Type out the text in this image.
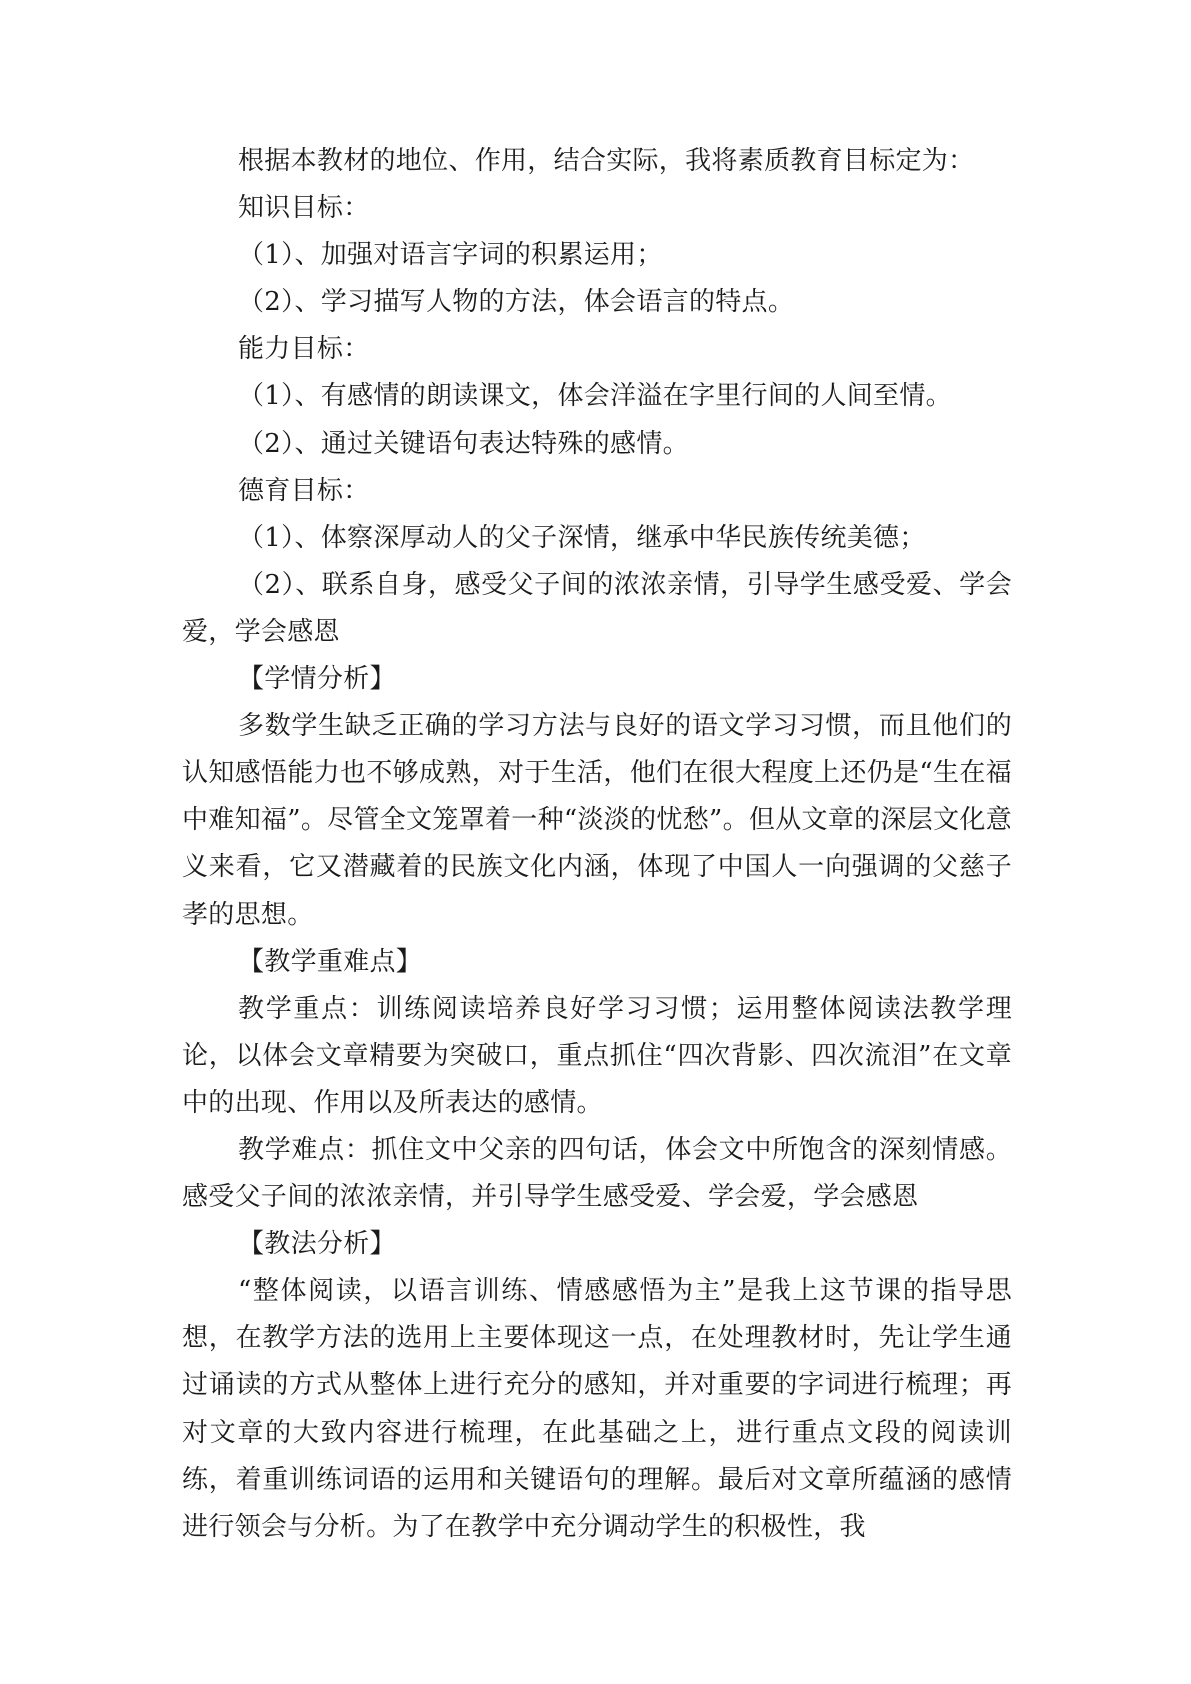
根据本教材的地位、作用，结合实际，我将素质教育目标定为：

知识目标：

（1）、加强对语言字词的积累运用；

（2）、学习描写人物的方法，体会语言的特点。

能力目标：

（1）、有感情的朗读课文，体会洋溢在字里行间的人间至情。

（2）、通过关键语句表达特殊的感情。

德育目标：

（1）、体察深厚动人的父子深情，继承中华民族传统美德；

（2）、联系自身，感受父子间的浓浓亲情，引导学生感受爱、学会爱，学会感恩

【学情分析】

多数学生缺乏正确的学习方法与良好的语文学习习惯，而且他们的认知感悟能力也不够成熟，对于生活，他们在很大程度上还仍是“生在福中难知福”。尽管全文笼罩着一种“淡淡的忧愁”。但从文章的深层文化意义来看，它又潜藏着的民族文化内涵，体现了中国人一向强调的父慈子孝的思想。

【教学重难点】

教学重点：训练阅读培养良好学习习惯；运用整体阅读法教学理论，以体会文章精要为突破口，重点抓住“四次背影、四次流泪”在文章中的出现、作用以及所表达的感情。

教学难点：抓住文中父亲的四句话，体会文中所饱含的深刻情感。感受父子间的浓浓亲情，并引导学生感受爱、学会爱，学会感恩

【教法分析】

“整体阅读，以语言训练、情感感悟为主”是我上这节课的指导思想，在教学方法的选用上主要体现这一点，在处理教材时，先让学生通过诵读的方式从整体上进行充分的感知，并对重要的字词进行梳理；再对文章的大致内容进行梳理，在此基础之上，进行重点文段的阅读训练，着重训练词语的运用和关键语句的理解。最后对文章所蕴涵的感情进行领会与分析。为了在教学中充分调动学生的积极性，我
